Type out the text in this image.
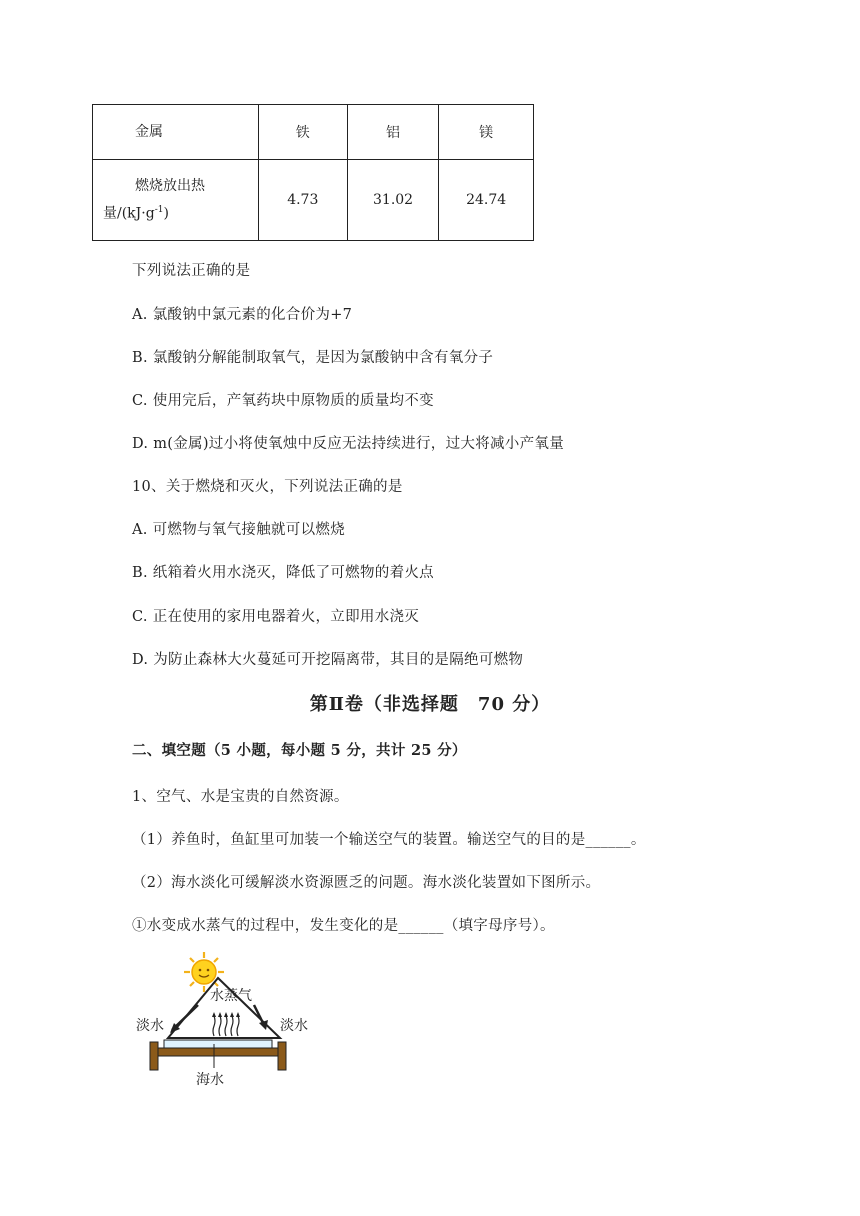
金属	铁	铝	镁

燃烧放出热
量$/(kJ\cdot g^{-1})$	4.73	31.02	24.74
下列说法正确的是
A. 氯酸钠中氯元素的化合价为+7
B. 氯酸钠分解能制取氧气，是因为氯酸钠中含有氧分子
C. 使用完后，产氧药块中原物质的质量均不变
D. m(金属)过小将使氧烛中反应无法持续进行，过大将减小产氧量
10、关于燃烧和灭火，下列说法正确的是
A. 可燃物与氧气接触就可以燃烧
B. 纸箱着火用水浇灭，降低了可燃物的着火点
C. 正在使用的家用电器着火，立即用水浇灭
D. 为防止森林大火蔓延可开挖隔离带，其目的是隔绝可燃物
第Ⅱ卷（非选择题　70 分）
二、填空题（5 小题，每小题 5 分，共计 25 分）
1、空气、水是宝贵的自然资源。
（1）养鱼时，鱼缸里可加装一个输送空气的装置。输送空气的目的是______。
（2）海水淡化可缓解淡水资源匮乏的问题。海水淡化装置如下图所示。
①水变成水蒸气的过程中，发生变化的是______（填字母序号）。
水蒸气
淡水	淡水
海水
